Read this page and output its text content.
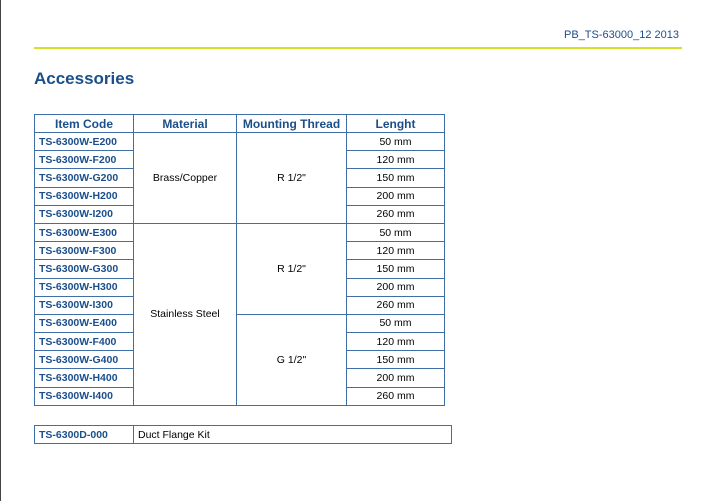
PB_TS-63000_12 2013
Accessories
Item Code	Material	Mounting Thread	Lenght
TS-6300W-E200	Brass/Copper	R 1/2"	50 mm
TS-6300W-F200			120 mm
TS-6300W-G200			150 mm
TS-6300W-H200			200 mm
TS-6300W-I200			260 mm
TS-6300W-E300	Stainless Steel	R 1/2"	50 mm
TS-6300W-F300			120 mm
TS-6300W-G300			150 mm
TS-6300W-H300			200 mm
TS-6300W-I300			260 mm
TS-6300W-E400		G 1/2"	50 mm
TS-6300W-F400			120 mm
TS-6300W-G400			150 mm
TS-6300W-H400			200 mm
TS-6300W-I400			260 mm
TS-6300D-000	Duct Flange Kit
